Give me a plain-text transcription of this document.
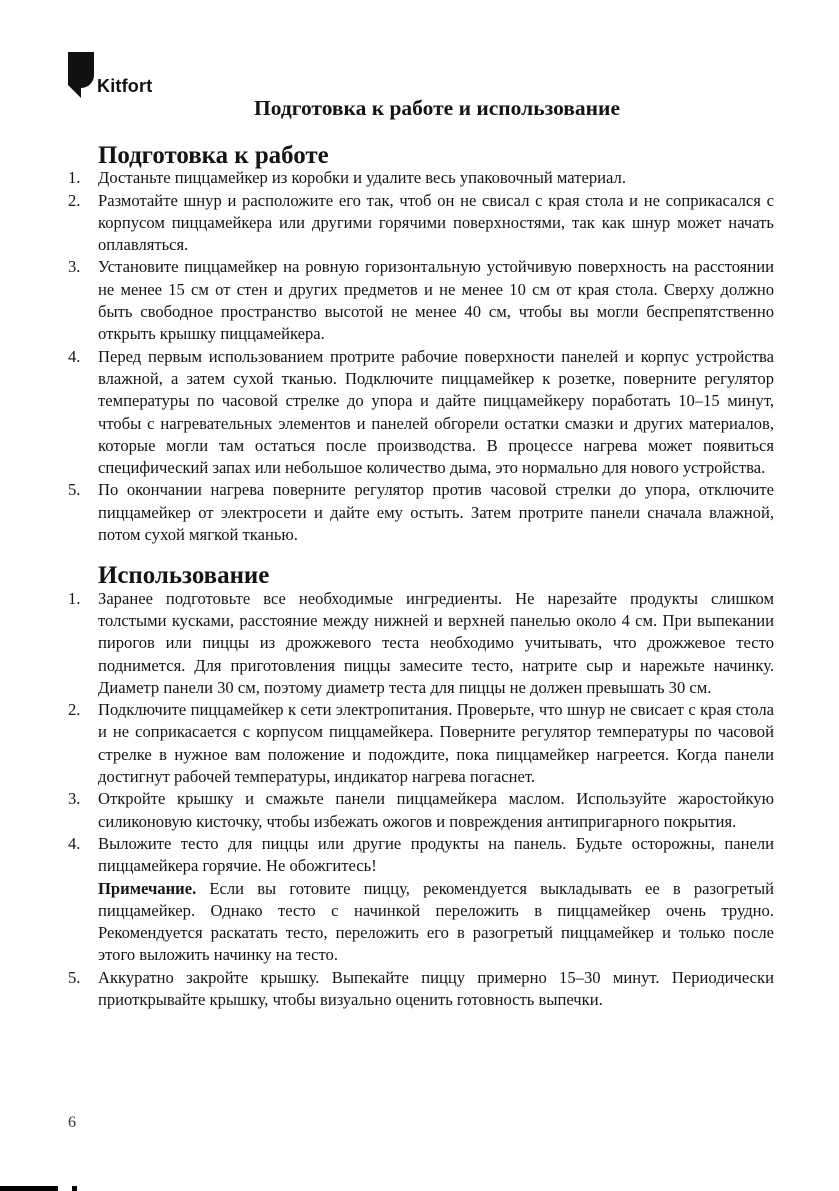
Kitfort
Подготовка к работе и использование
Подготовка к работе
1.	Достаньте пиццамейкер из коробки и удалите весь упаковочный материал.

2.	Размотайте шнур и расположите его так, чтоб он не свисал с края стола и не соприкасался с корпусом пиццамейкера или другими горячими поверхностями, так как шнур может начать оплавляться.

3.	Установите пиццамейкер на ровную горизонтальную устойчивую поверхность на расстоянии не менее 15 см от стен и других предметов и не менее 10 см от края стола. Сверху должно быть свободное пространство высотой не менее 40 см, чтобы вы могли беспрепятственно открыть крышку пиццамейкера.

4.	Перед первым использованием протрите рабочие поверхности панелей и корпус устройства влажной, а затем сухой тканью. Подключите пиццамейкер к розетке, поверните регулятор температуры по часовой стрелке до упора и дайте пиццамейкеру поработать 10–15 минут, чтобы с нагревательных элементов и панелей обгорели остатки смазки и других материалов, которые могли там остаться после производства. В процессе нагрева может появиться специфический запах или небольшое количество дыма, это нормально для нового устройства.

5.	По окончании нагрева поверните регулятор против часовой стрелки до упора, отключите пиццамейкер от электросети и дайте ему остыть. Затем протрите панели сначала влажной, потом сухой мягкой тканью.

Использование
1.	Заранее подготовьте все необходимые ингредиенты. Не нарезайте продукты слишком толстыми кусками, расстояние между нижней и верхней панелью около 4 см. При выпекании пирогов или пиццы из дрожжевого теста необходимо учитывать, что дрожжевое тесто поднимется. Для приготовления пиццы замесите тесто, натрите сыр и нарежьте начинку. Диаметр панели 30 см, поэтому диаметр теста для пиццы не должен превышать 30 см.

2.	Подключите пиццамейкер к сети электропитания. Проверьте, что шнур не свисает с края стола и не соприкасается с корпусом пиццамейкера. Поверните регулятор температуры по часовой стрелке в нужное вам положение и подождите, пока пиццамейкер нагреется. Когда панели достигнут рабочей температуры, индикатор нагрева погаснет.

3.	Откройте крышку и смажьте панели пиццамейкера маслом. Используйте жаростойкую силиконовую кисточку, чтобы избежать ожогов и повреждения антипригарного покрытия.

4.	Выложите тесто для пиццы или другие продукты на панель. Будьте осторожны, панели пиццамейкера горячие. Не обожгитесь!

Примечание. Если вы готовите пиццу, рекомендуется выкладывать ее в разогретый пиццамейкер. Однако тесто с начинкой переложить в пиццамейкер очень трудно. Рекомендуется раскатать тесто, переложить его в разогретый пиццамейкер и только после этого выложить начинку на тесто.

5.	Аккуратно закройте крышку. Выпекайте пиццу примерно 15–30 минут. Периодически приоткрывайте крышку, чтобы визуально оценить готовность выпечки.

6
